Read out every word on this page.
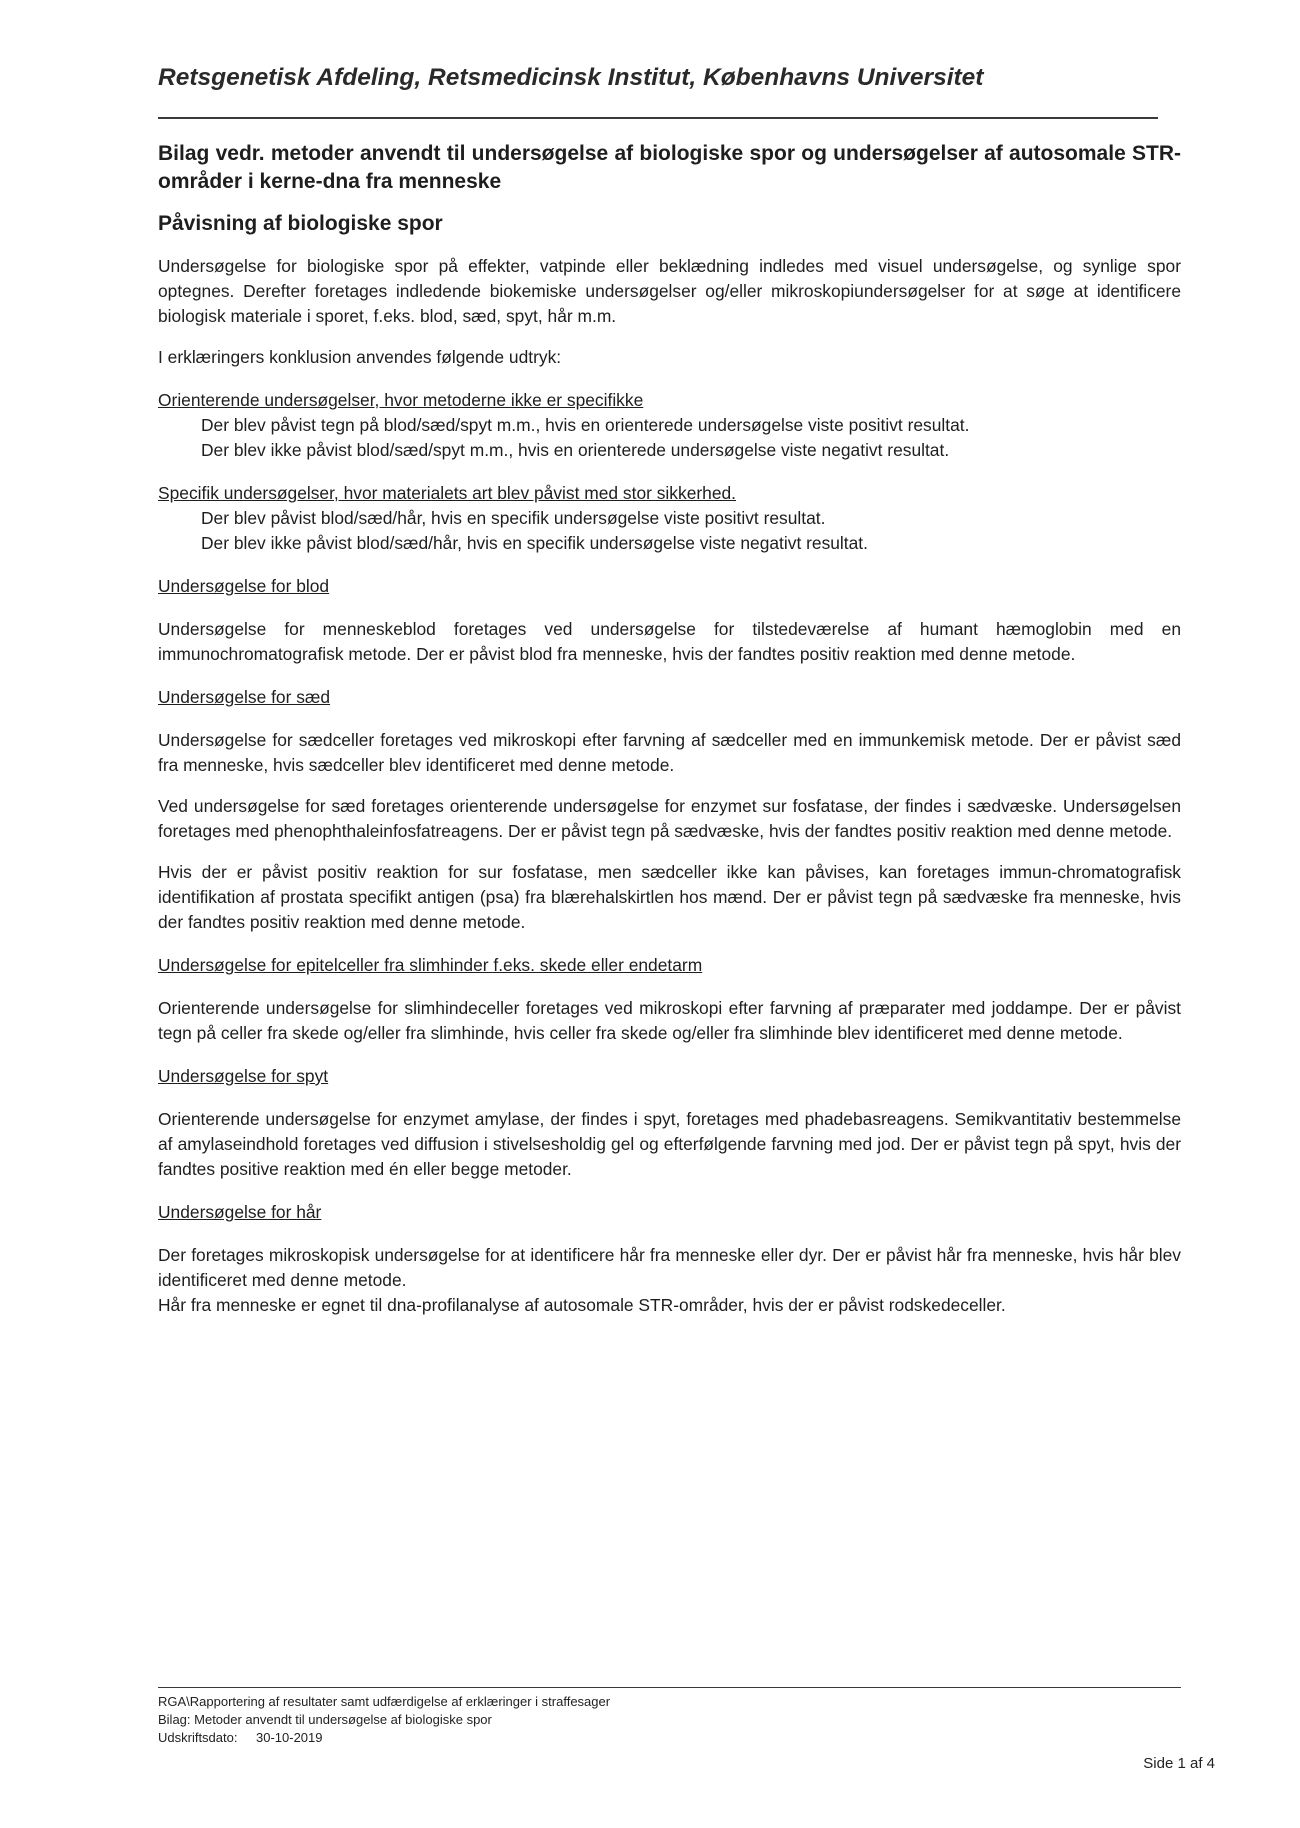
Retsgenetisk Afdeling, Retsmedicinsk Institut, Københavns Universitet
Bilag vedr. metoder anvendt til undersøgelse af biologiske spor og undersøgelser af autosomale STR-områder i kerne-dna fra menneske
Påvisning af biologiske spor

Undersøgelse for biologiske spor på effekter, vatpinde eller beklædning indledes med visuel undersøgelse, og synlige spor optegnes. Derefter foretages indledende biokemiske undersøgelser og/eller mikroskopiundersøgelser for at søge at identificere biologisk materiale i sporet, f.eks. blod, sæd, spyt, hår m.m.

I erklæringers konklusion anvendes følgende udtryk:

Orienterende undersøgelser, hvor metoderne ikke er specifikke
Der blev påvist tegn på blod/sæd/spyt m.m., hvis en orienterede undersøgelse viste positivt resultat.
Der blev ikke påvist blod/sæd/spyt m.m., hvis en orienterede undersøgelse viste negativt resultat.
Specifik undersøgelser, hvor materialets art blev påvist med stor sikkerhed.
Der blev påvist blod/sæd/hår, hvis en specifik undersøgelse viste positivt resultat.
Der blev ikke påvist blod/sæd/hår, hvis en specifik undersøgelse viste negativt resultat.
Undersøgelse for blod

Undersøgelse for menneskeblod foretages ved undersøgelse for tilstedeværelse af humant hæmoglobin med en immunochromatografisk metode. Der er påvist blod fra menneske, hvis der fandtes positiv reaktion med denne metode.

Undersøgelse for sæd

Undersøgelse for sædceller foretages ved mikroskopi efter farvning af sædceller med en immunkemisk metode. Der er påvist sæd fra menneske, hvis sædceller blev identificeret med denne metode.

Ved undersøgelse for sæd foretages orienterende undersøgelse for enzymet sur fosfatase, der findes i sædvæske. Undersøgelsen foretages med phenophthaleinfosfatreagens. Der er påvist tegn på sædvæske, hvis der fandtes positiv reaktion med denne metode.

Hvis der er påvist positiv reaktion for sur fosfatase, men sædceller ikke kan påvises, kan foretages immun-chromatografisk identifikation af prostata specifikt antigen (psa) fra blærehalskirtlen hos mænd. Der er påvist tegn på sædvæske fra menneske, hvis der fandtes positiv reaktion med denne metode.

Undersøgelse for epitelceller fra slimhinder f.eks. skede eller endetarm

Orienterende undersøgelse for slimhindeceller foretages ved mikroskopi efter farvning af præparater med joddampe. Der er påvist tegn på celler fra skede og/eller fra slimhinde, hvis celler fra skede og/eller fra slimhinde blev identificeret med denne metode.

Undersøgelse for spyt

Orienterende undersøgelse for enzymet amylase, der findes i spyt, foretages med phadebasreagens. Semikvantitativ bestemmelse af amylaseindhold foretages ved diffusion i stivelsesholdig gel og efterfølgende farvning med jod. Der er påvist tegn på spyt, hvis der fandtes positive reaktion med én eller begge metoder.

Undersøgelse for hår

Der foretages mikroskopisk undersøgelse for at identificere hår fra menneske eller dyr. Der er påvist hår fra menneske, hvis hår blev identificeret med denne metode.

Hår fra menneske er egnet til dna-profilanalyse af autosomale STR-områder, hvis der er påvist rodskedeceller.

RGA\Rapportering af resultater samt udfærdigelse af erklæringer i straffesager
Bilag: Metoder anvendt til undersøgelse af biologiske spor
Udskriftsdato: 30-10-2019
Side 1 af 4
